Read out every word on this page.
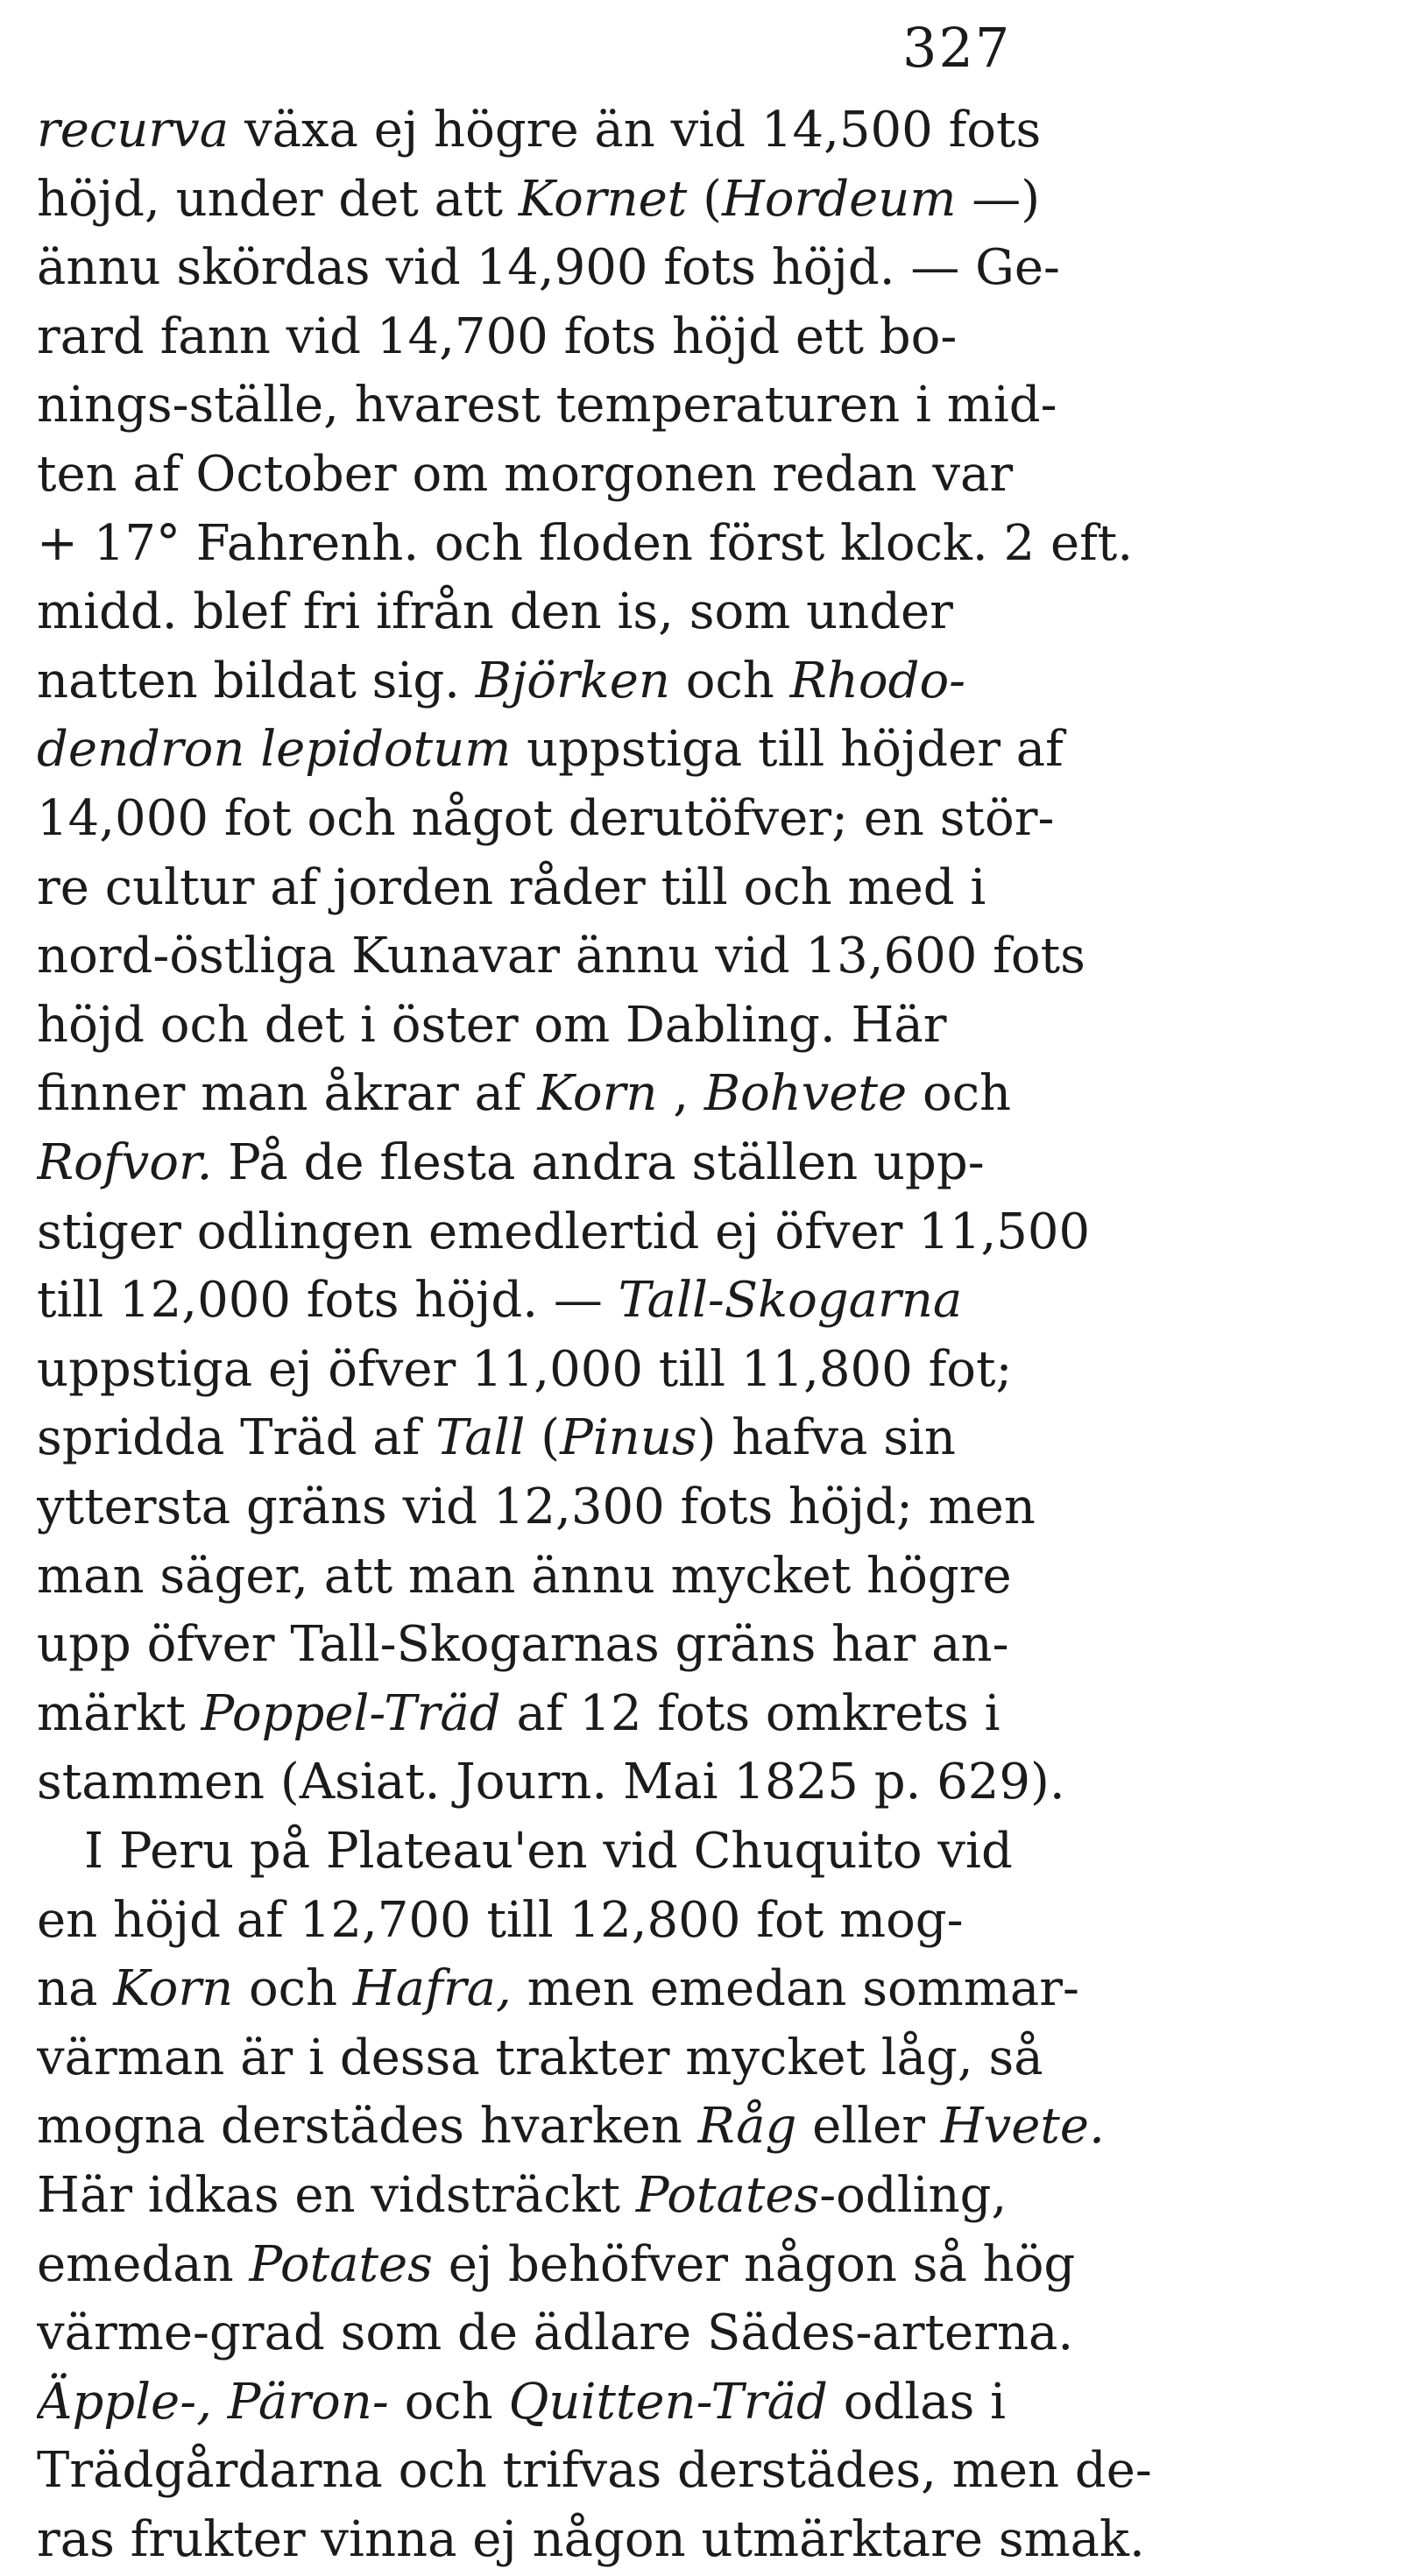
327
recurva växa ej högre än vid 14,500 fots
höjd, under det att Kornet (Hordeum —)
ännu skördas vid 14,900 fots höjd. — Ge-
rard fann vid 14,700 fots höjd ett bo-
nings-ställe, hvarest temperaturen i mid-
ten af October om morgonen redan var
+ 17° Fahrenh. och floden först klock. 2 eft.
midd. blef fri ifrån den is, som under
natten bildat sig. Björken och Rhodo-
dendron lepidotum uppstiga till höjder af
14,000 fot och något derutöfver; en stör-
re cultur af jorden råder till och med i
nord-östliga Kunavar ännu vid 13,600 fots
höjd och det i öster om Dabling. Här
finner man åkrar af Korn , Bohvete och
Rofvor. På de flesta andra ställen upp-
stiger odlingen emedlertid ej öfver 11,500
till 12,000 fots höjd. — Tall-Skogarna
uppstiga ej öfver 11,000 till 11,800 fot;
spridda Träd af Tall (Pinus) hafva sin
yttersta gräns vid 12,300 fots höjd; men
man säger, att man ännu mycket högre
upp öfver Tall-Skogarnas gräns har an-
märkt Poppel-Träd af 12 fots omkrets i
stammen (Asiat. Journ. Mai 1825 p. 629).
I Peru på Plateau'en vid Chuquito vid
en höjd af 12,700 till 12,800 fot mog-
na Korn och Hafra, men emedan sommar-
värman är i dessa trakter mycket låg, så
mogna derstädes hvarken Råg eller Hvete.
Här idkas en vidsträckt Potates-odling,
emedan Potates ej behöfver någon så hög
värme-grad som de ädlare Sädes-arterna.
Äpple-, Päron- och Quitten-Träd odlas i
Trädgårdarna och trifvas derstädes, men de-
ras frukter vinna ej någon utmärktare smak.
